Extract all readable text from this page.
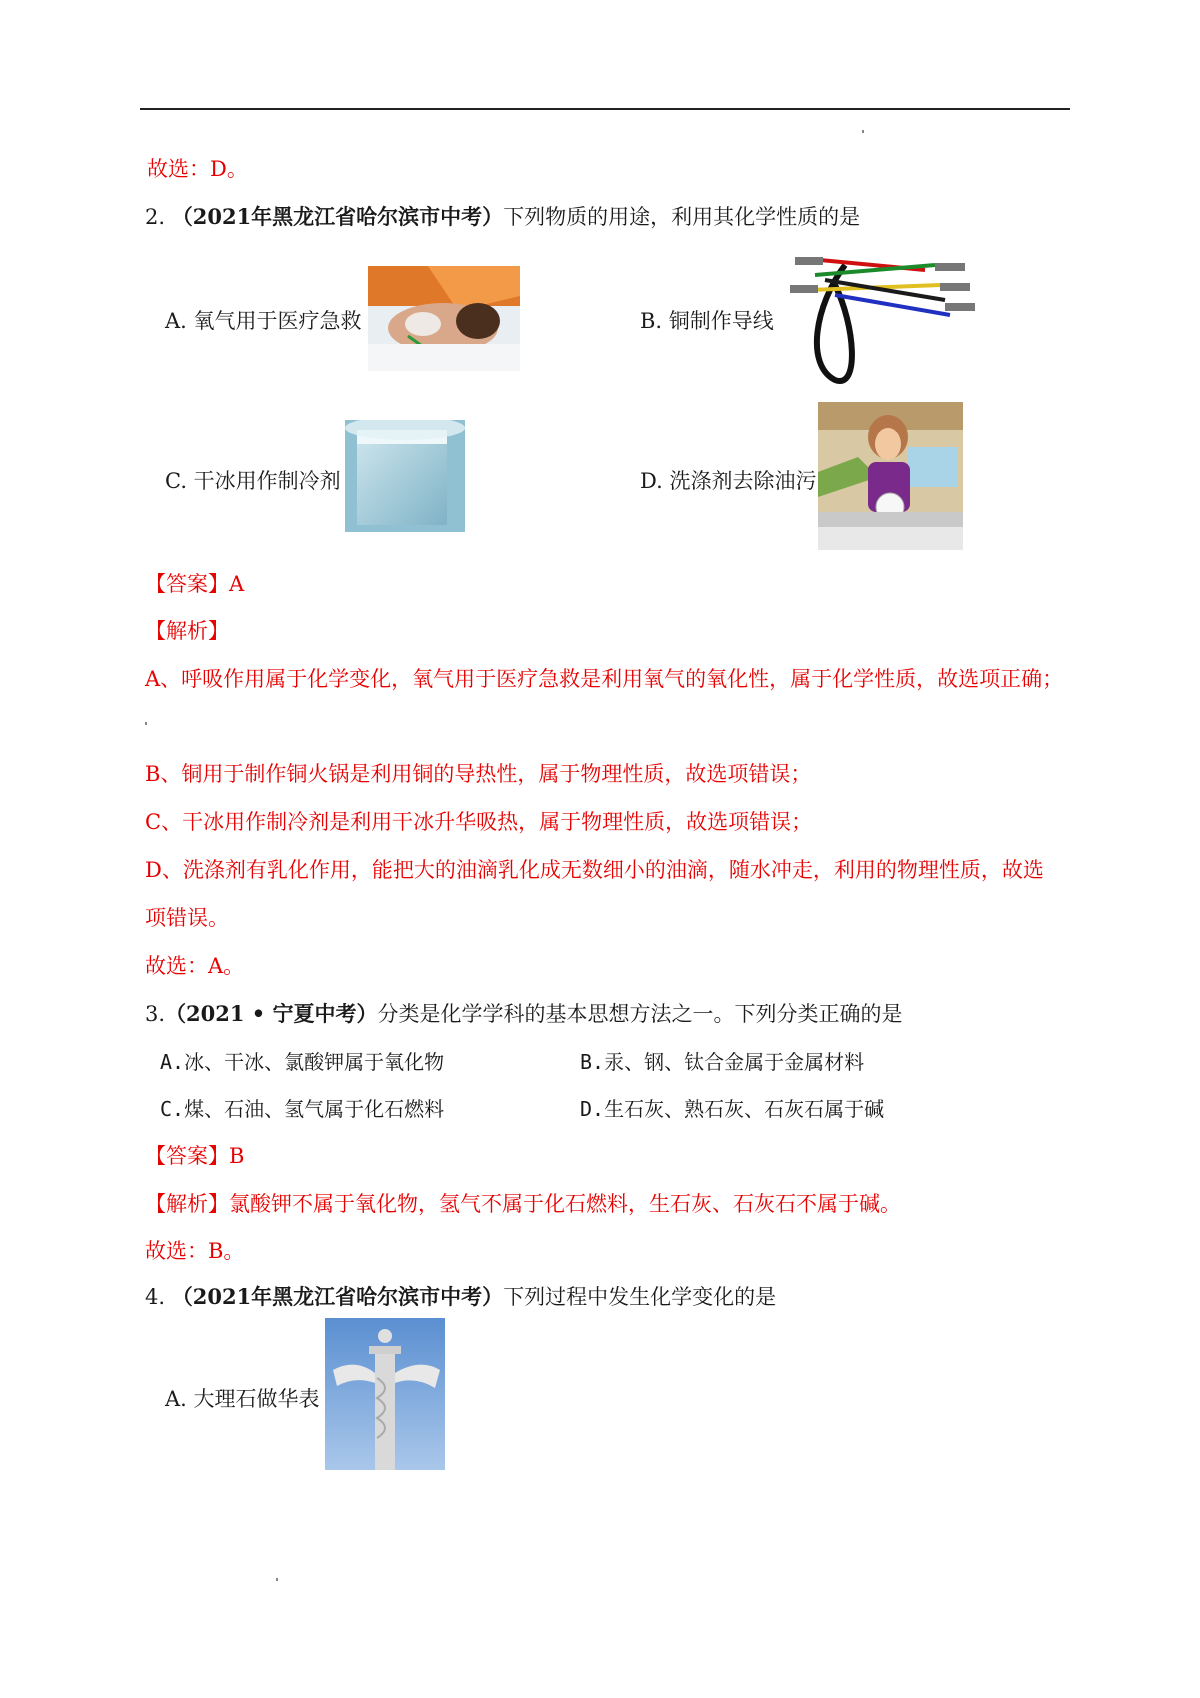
故选：D。
2. （2021年黑龙江省哈尔滨市中考）下列物质的用途，利用其化学性质的是
A. 氧气用于医疗急救	B. 铜制作导线
C. 干冰用作制冷剂	D. 洗涤剂去除油污
【答案】A
【解析】
A、呼吸作用属于化学变化，氧气用于医疗急救是利用氧气的氧化性，属于化学性质，故选项正确；
B、铜用于制作铜火锅是利用铜的导热性，属于物理性质，故选项错误；
C、干冰用作制冷剂是利用干冰升华吸热，属于物理性质，故选项错误；
D、洗涤剂有乳化作用，能把大的油滴乳化成无数细小的油滴，随水冲走，利用的物理性质，故选
项错误。
故选：A。
3.（2021 • 宁夏中考）分类是化学学科的基本思想方法之一。下列分类正确的是
A.冰、干冰、氯酸钾属于氧化物	B.汞、钢、钛合金属于金属材料
C.煤、石油、氢气属于化石燃料	D.生石灰、熟石灰、石灰石属于碱
【答案】B
【解析】氯酸钾不属于氧化物，氢气不属于化石燃料，生石灰、石灰石不属于碱。
故选：B。
4. （2021年黑龙江省哈尔滨市中考）下列过程中发生化学变化的是
A. 大理石做华表
